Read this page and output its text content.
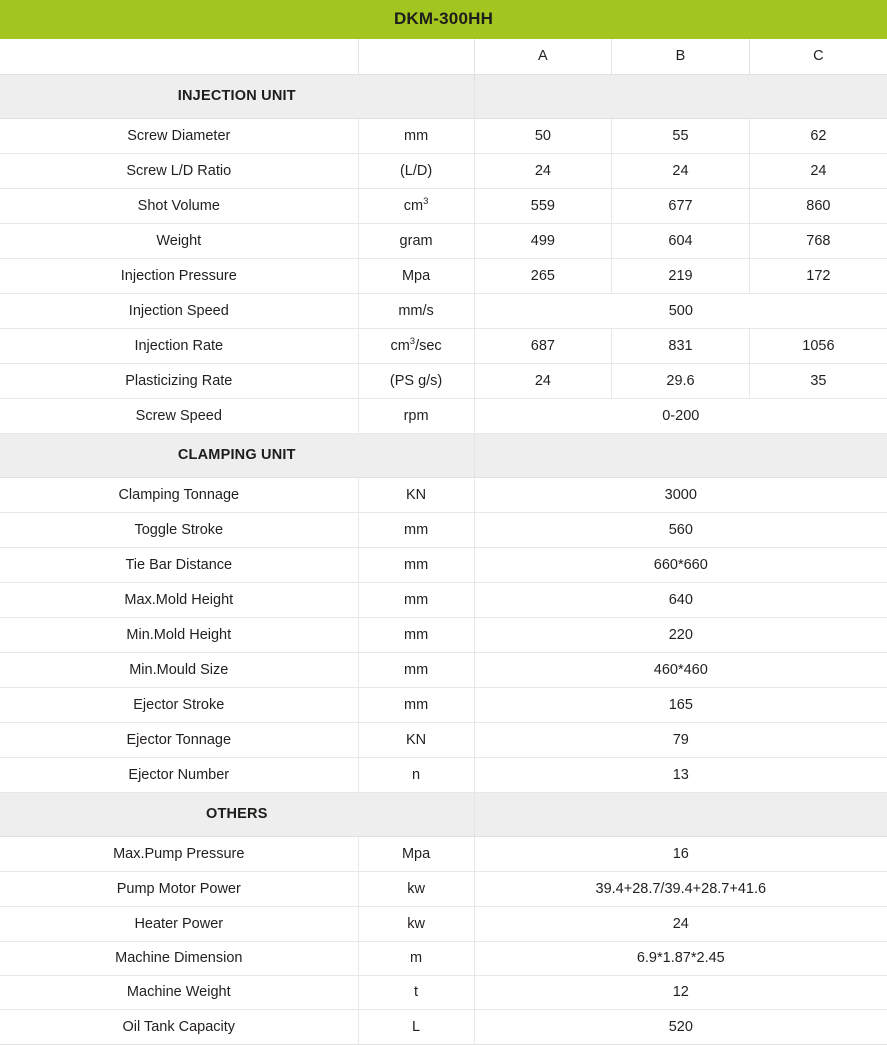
DKM-300HH				
		A	B	C
INJECTION UNIT				
Screw Diameter	mm	50	55	62
Screw L/D Ratio	(L/D)	24	24	24
Shot Volume	$cm^3$	559	677	860
Weight	gram	499	604	768
Injection Pressure	Mpa	265	219	172
Injection Speed	mm/s	500		
Injection Rate	$cm^3/\sec$	687	831	1056
Plasticizing Rate	(PS g/s)	24	29.6	35
Screw Speed	rpm	0-200		
CLAMPING UNIT				
Clamping Tonnage	KN	3000		
Toggle Stroke	mm	560		
Tie Bar Distance	mm	660*660		
Max.Mold Height	mm	640		
Min.Mold Height	mm	220		
Min.Mould Size	mm	460*460		
Ejector Stroke	mm	165		
Ejector Tonnage	KN	79		
Ejector Number	n	13		
OTHERS				
Max.Pump Pressure	Mpa	16		
Pump Motor Power	kw	39.4+28.7/39.4+28.7+41.6		
Heater Power	kw	24		
Machine Dimension	m	6.9*1.87*2.45		
Machine Weight	t	12		
Oil Tank Capacity	L	520		
